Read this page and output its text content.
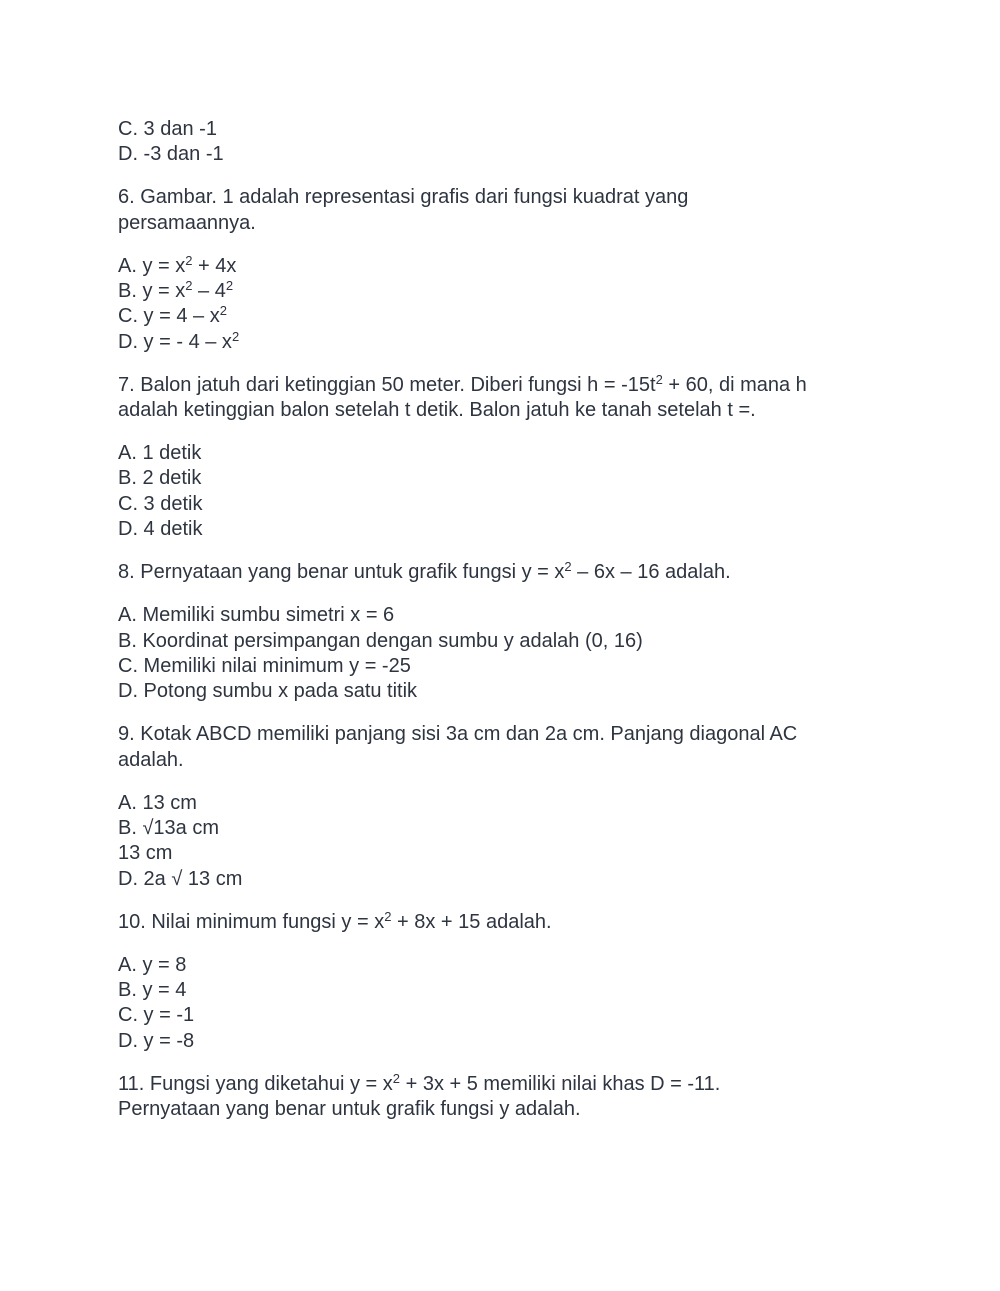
C. 3 dan -1
D. -3 dan -1
6. Gambar. 1 adalah representasi grafis dari fungsi kuadrat yang
persamaannya.
A. $y = x^2 + 4x$
B. $y = x^2 - 4^2$
C. $y = 4 - x^2$
D. y = - $4 - x^2$
7. Balon jatuh dari ketinggian 50 meter. Diberi fungsi $h = -15t^2 + 60$, di mana h
adalah ketinggian balon setelah t detik. Balon jatuh ke tanah setelah t =.
A. 1 detik
B. 2 detik
C. 3 detik
D. 4 detik
8. Pernyataan yang benar untuk grafik fungsi $y = x^2 - 6x - 16$ adalah.
A. Memiliki sumbu simetri x = 6
B. Koordinat persimpangan dengan sumbu y adalah (0, 16)
C. Memiliki nilai minimum y = -25
D. Potong sumbu x pada satu titik
9. Kotak ABCD memiliki panjang sisi 3a cm dan 2a cm. Panjang diagonal AC
adalah.
A. 13 cm
B. √13a cm
13 cm
D. 2a √ 13 cm
10. Nilai minimum fungsi $y = x^2 + 8x + 15$ adalah.
A. y = 8
B. y = 4
C. y = -1
D. y = -8
11. Fungsi yang diketahui $y = x^2 + 3x + 5$ memiliki nilai khas D = -11.
Pernyataan yang benar untuk grafik fungsi y adalah.
